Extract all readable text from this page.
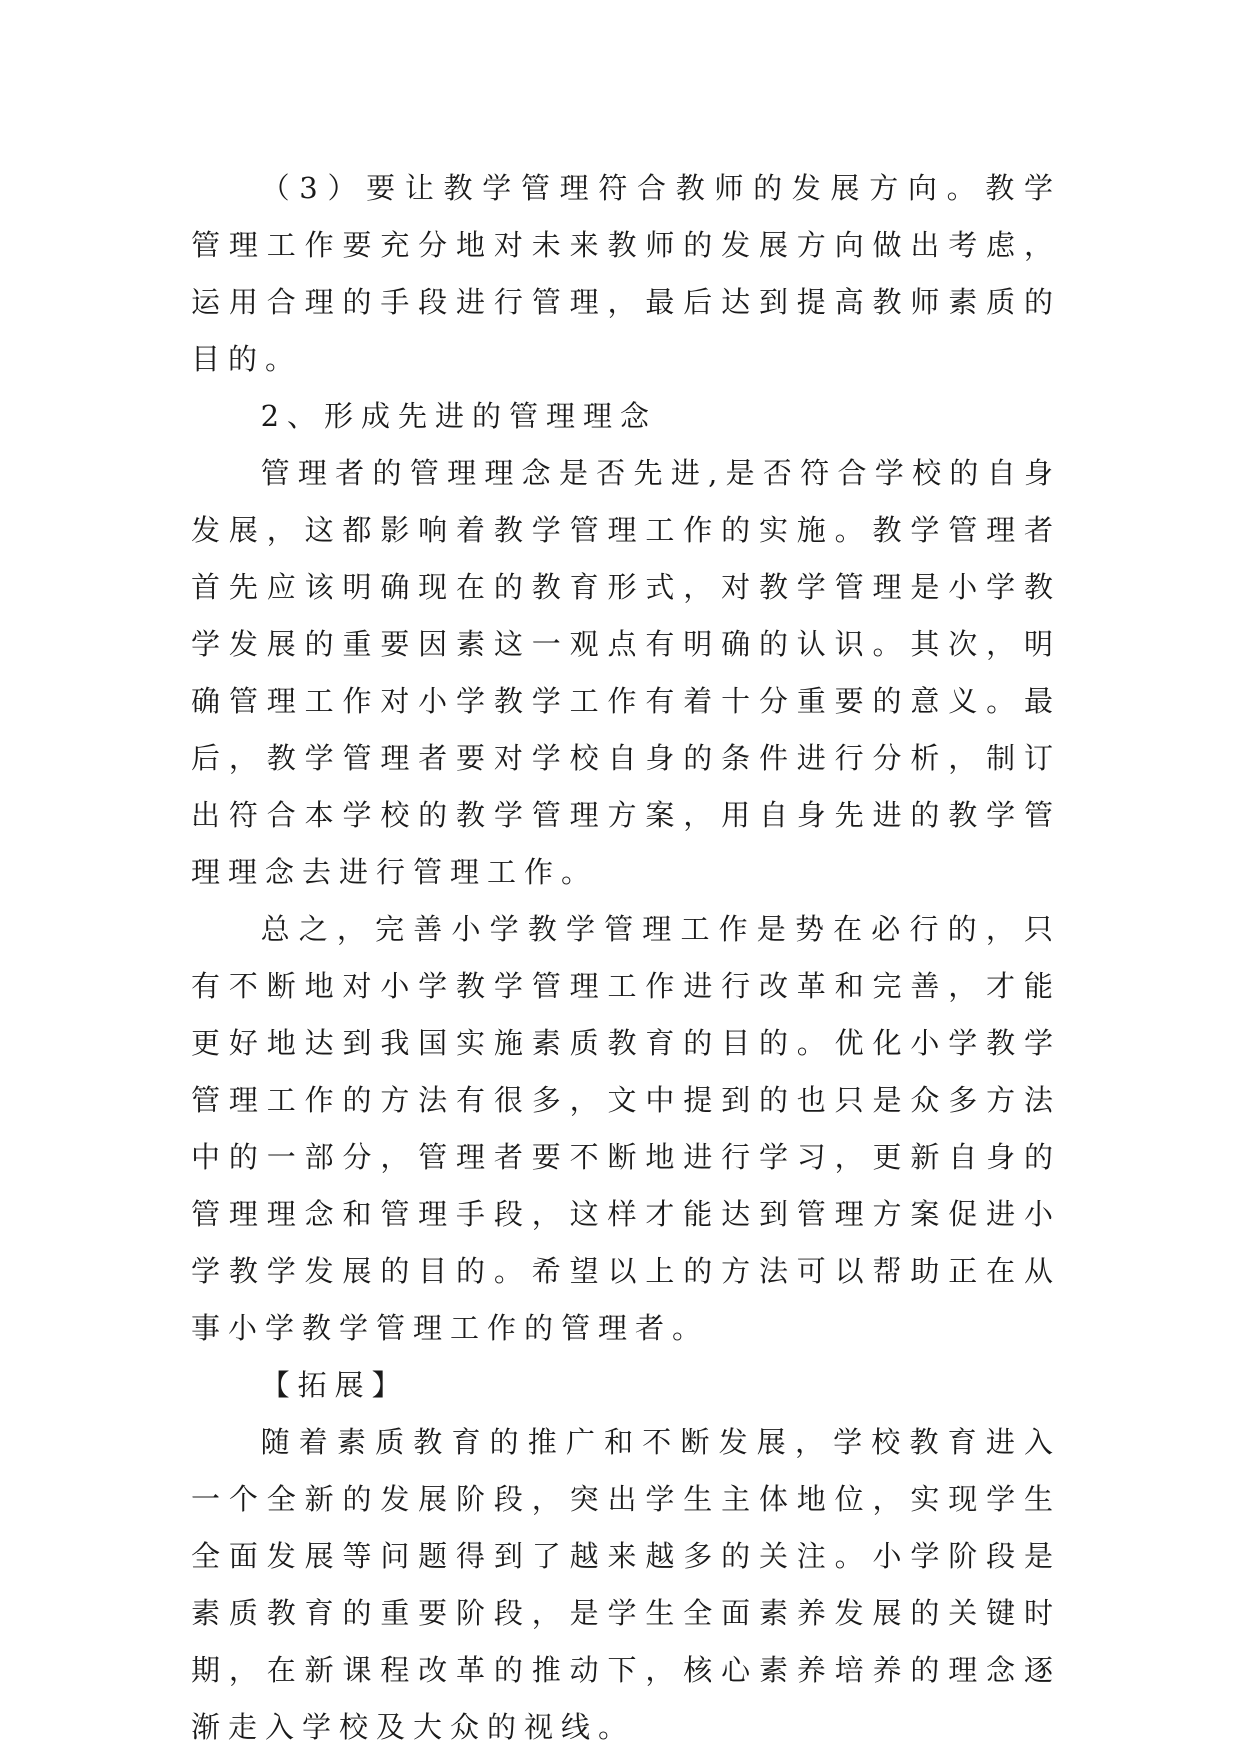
（3）要让教学管理符合教师的发展方向。教学管理工作要充分地对未来教师的发展方向做出考虑，运用合理的手段进行管理，最后达到提高教师素质的目的。

2、形成先进的管理理念

管理者的管理理念是否先进,是否符合学校的自身发展，这都影响着教学管理工作的实施。教学管理者首先应该明确现在的教育形式，对教学管理是小学教学发展的重要因素这一观点有明确的认识。其次，明确管理工作对小学教学工作有着十分重要的意义。最后，教学管理者要对学校自身的条件进行分析，制订出符合本学校的教学管理方案，用自身先进的教学管理理念去进行管理工作。

总之，完善小学教学管理工作是势在必行的，只有不断地对小学教学管理工作进行改革和完善，才能更好地达到我国实施素质教育的目的。优化小学教学管理工作的方法有很多，文中提到的也只是众多方法中的一部分，管理者要不断地进行学习，更新自身的管理理念和管理手段，这样才能达到管理方案促进小学教学发展的目的。希望以上的方法可以帮助正在从事小学教学管理工作的管理者。

【拓展】

随着素质教育的推广和不断发展，学校教育进入一个全新的发展阶段，突出学生主体地位，实现学生全面发展等问题得到了越来越多的关注。小学阶段是素质教育的重要阶段，是学生全面素养发展的关键时期，在新课程改革的推动下，核心素养培养的理念逐渐走入学校及大众的视线。
